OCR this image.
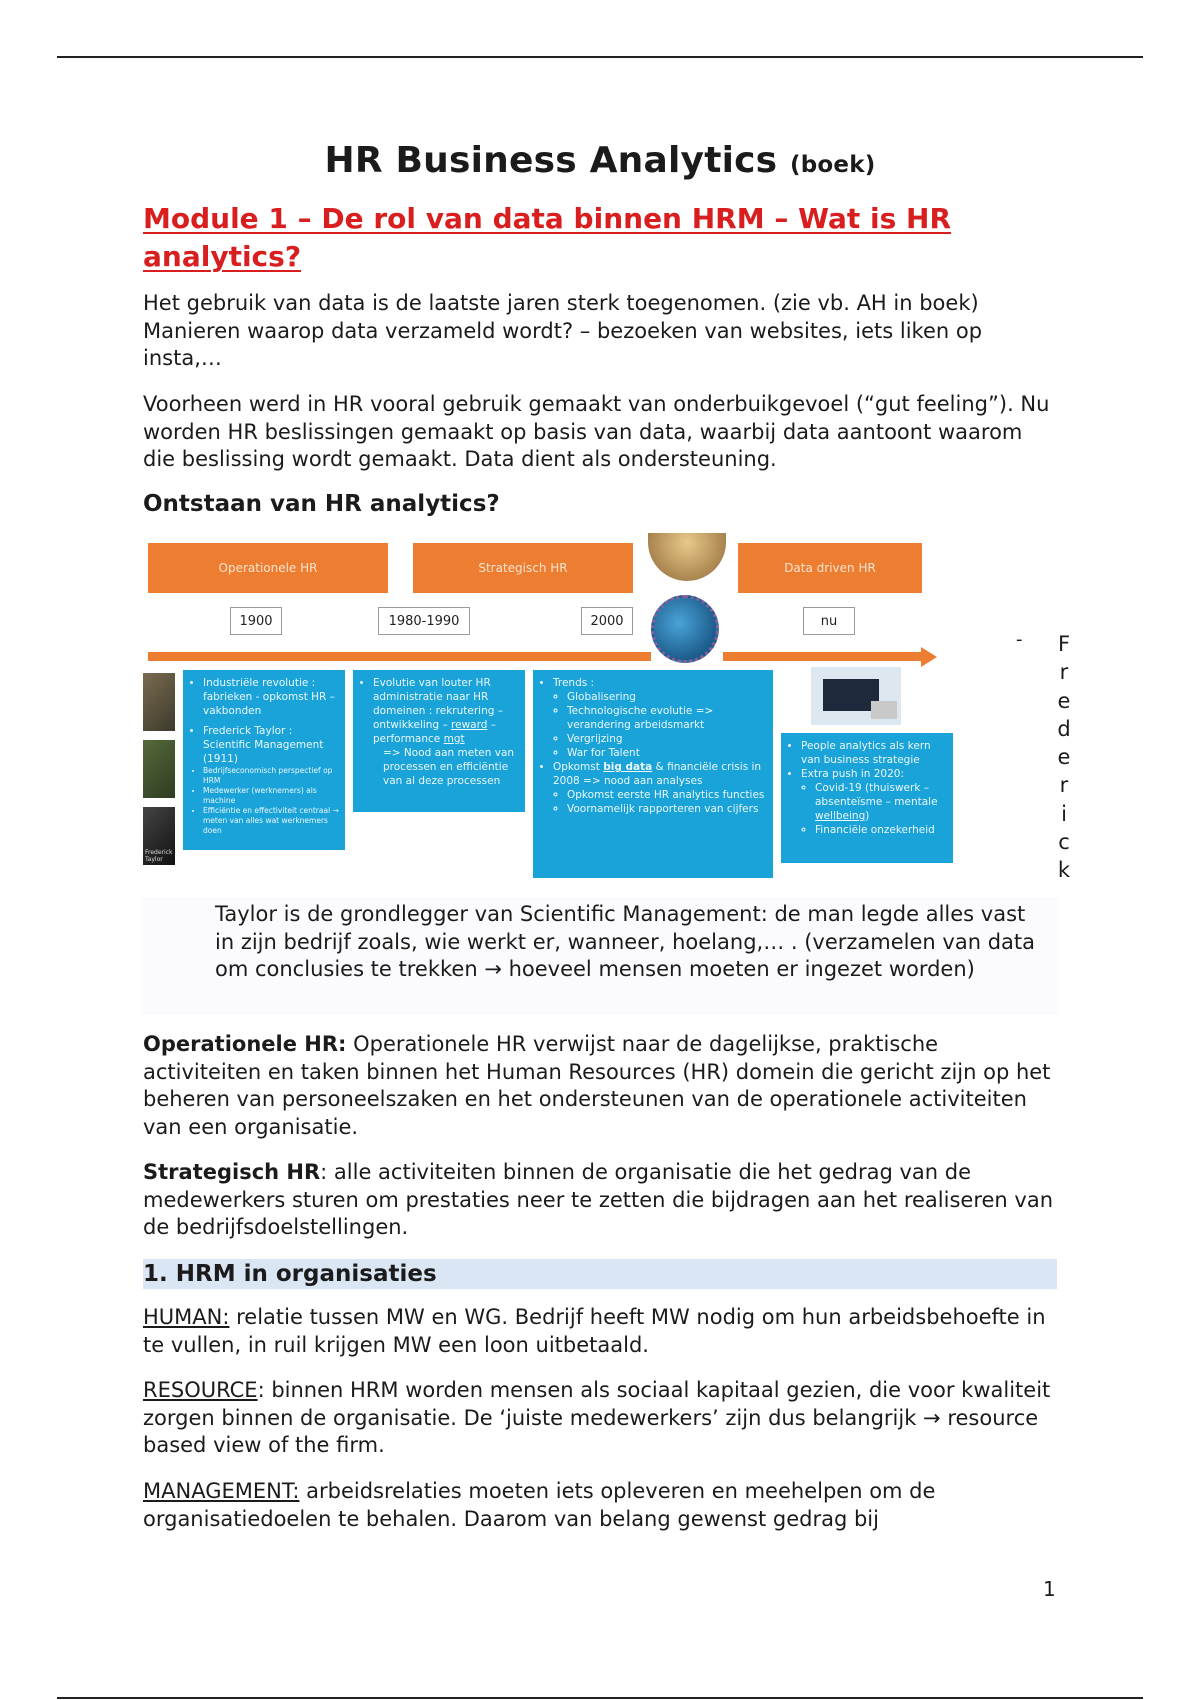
HR Business Analytics (boek)
Module 1 – De rol van data binnen HRM – Wat is HR analytics?

Het gebruik van data is de laatste jaren sterk toegenomen. (zie vb. AH in boek) Manieren waarop data verzameld wordt? – bezoeken van websites, iets liken op insta,…

Voorheen werd in HR vooral gebruik gemaakt van onderbuikgevoel (“gut feeling”). Nu worden HR beslissingen gemaakt op basis van data, waarbij data aantoont waarom die beslissing wordt gemaakt. Data dient als ondersteuning.

Ontstaan van HR analytics?
Operationele HR	Strategisch HR	Data driven HR
1900	1980-1990	2000	nu
Frederick Taylor
• Industriële revolutie : fabrieken - opkomst HR – vakbonden
• Frederick Taylor : Scientific Management (1911)
• Bedrijfseconomisch perspectief op HRM
• Medewerker (werknemers) als machine
• Efficiëntie en effectiviteit centraal → meten van alles wat werknemers doen
• Evolutie van louter HR administratie naar HR domeinen : rekrutering – ontwikkeling – reward – performance mgt
=> Nood aan meten van processen en efficiëntie van al deze processen
• Trends :
◦ Globalisering
◦ Technologische evolutie => verandering arbeidsmarkt
◦ Vergrijzing
◦ War for Talent
• Opkomst big data & financiële crisis in 2008 => nood aan analyses
◦ Opkomst eerste HR analytics functies
◦ Voornamelijk rapporteren van cijfers
• People analytics als kern van business strategie
• Extra push in 2020:
◦ Covid-19 (thuiswerk – absenteïsme – mentale wellbeing)
◦ Financiële onzekerheid

Taylor is de grondlegger van Scientific Management: de man legde alles vast in zijn bedrijf zoals, wie werkt er, wanneer, hoelang,… . (verzamelen van data om conclusies te trekken → hoeveel mensen moeten er ingezet worden)

Operationele HR: Operationele HR verwijst naar de dagelijkse, praktische activiteiten en taken binnen het Human Resources (HR) domein die gericht zijn op het beheren van personeelszaken en het ondersteunen van de operationele activiteiten van een organisatie.

Strategisch HR: alle activiteiten binnen de organisatie die het gedrag van de medewerkers sturen om prestaties neer te zetten die bijdragen aan het realiseren van de bedrijfsdoelstellingen.

1. HRM in organisaties

HUMAN: relatie tussen MW en WG. Bedrijf heeft MW nodig om hun arbeidsbehoefte in te vullen, in ruil krijgen MW een loon uitbetaald.

RESOURCE: binnen HRM worden mensen als sociaal kapitaal gezien, die voor kwaliteit zorgen binnen de organisatie. De ‘juiste medewerkers’ zijn dus belangrijk → resource based view of the firm.

MANAGEMENT: arbeidsrelaties moeten iets opleveren en meehelpen om de organisatiedoelen te behalen. Daarom van belang gewenst gedrag bij

- F
r
e
d
e
r
i
c
k
1
